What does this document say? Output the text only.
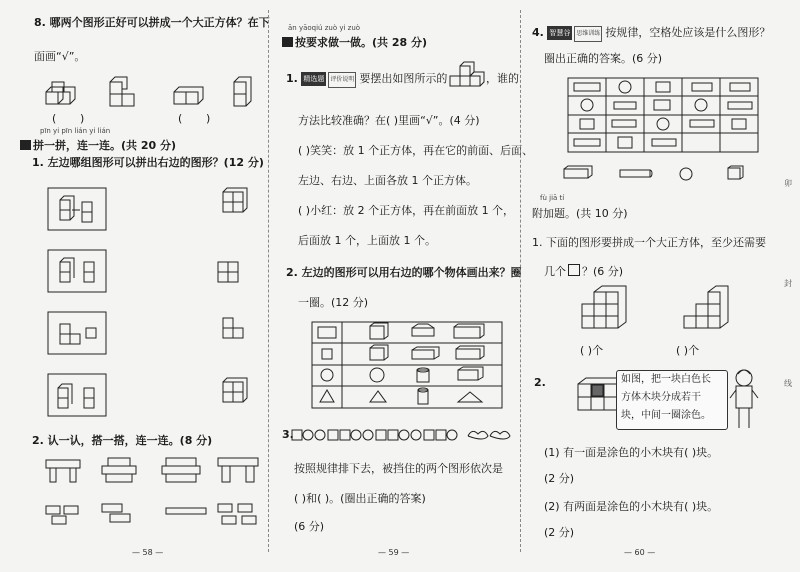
8. 哪两个图形正好可以拼成一个大正方体？在下
面画“√”。
( )	( )
pīn yi pīn lián yi lián
拼一拼，连一连。(共 20 分)
1. 左边哪组图形可以拼出右边的图形？(12 分)
2. 认一认，搭一搭，连一连。(8 分)
— 58 —
ān yāoqiú zuò yi zuò
按要求做一做。(共 28 分)
1. 精选题 评价说明 要摆出如图所示的	，谁的
方法比较准确？在( )里画“√”。(4 分)
( )笑笑：放 1 个正方体，再在它的前面、后面、
左边、右边、上面各放 1 个正方体。
( )小红：放 2 个正方体，再在前面放 1 个，
后面放 1 个，上面放 1 个。
2. 左边的图形可以用右边的哪个物体画出来？圈
一圈。(12 分)
3.
按照规律排下去，被挡住的两个图形依次是
( )和( )。(圈出正确的答案)
(6 分)
— 59 —
4. 智慧谷 思维训练 按规律，空格处应该是什么图形？
圈出正确的答案。(6 分)
fù jiā tí
附加题。(共 10 分)
1. 下面的图形要拼成一个大正方体，至少还需要
几个 ？(6 分)
( )个	( )个
2.	如图，把一块白色长
方体木块分成若干
块，中间一圈涂色。
(1) 有一面是涂色的小木块有( )块。
(2 分)
(2) 有两面是涂色的小木块有( )块。
(2 分)
卯
封
线
— 60 —
